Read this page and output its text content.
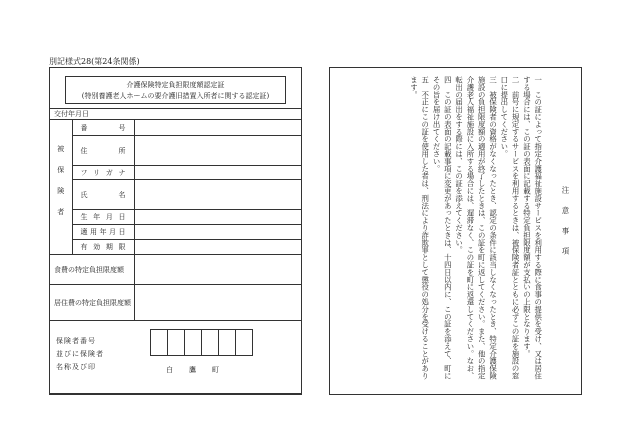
別記様式28(第24条関係)
介護保険特定負担限度額認定証
(特別養護老人ホームの要介護旧措置入所者に関する認定証)
交付年月日		
被保険者	番　号	
	住　所	
	フリガナ	
	氏　名	
	生年月日	
	適用年月日	
	有効期限	
食費の特定負担限度額		
居住費の特定負担限度額		

保険者番号
並びに保険者
名称及び印 白鷹町		
注意事項
一　この証によって指定介護福祉施設サービスを利用する際に食事の提供を受け、又は居住する場合には、この証の表面に記載する特定負担限度額が支払いの上限となります。
二　前号に規定するサービスを利用するときは、被保険者証とともに必ずこの証を施設の窓口に提出してください。
三　被保険者の資格がなくなったとき、認定の条件に該当しなくなったとき、特定介護保険施設の負担限度額の適用が終了したときは、この証を町に返してください。また、他の指定介護老人福祉施設に入所する場合には、遅滞なく、この証を町に返還してください。なお、転出の届出をする際には、この証を添えてください。
四　この証の表面の記載事項に変更があったときは、十四日以内に、この証を添えて、町にその旨を届け出てください。
五　不正にこの証を使用した者は、刑法により詐欺罪として懲役の処分を受けることがあります。
